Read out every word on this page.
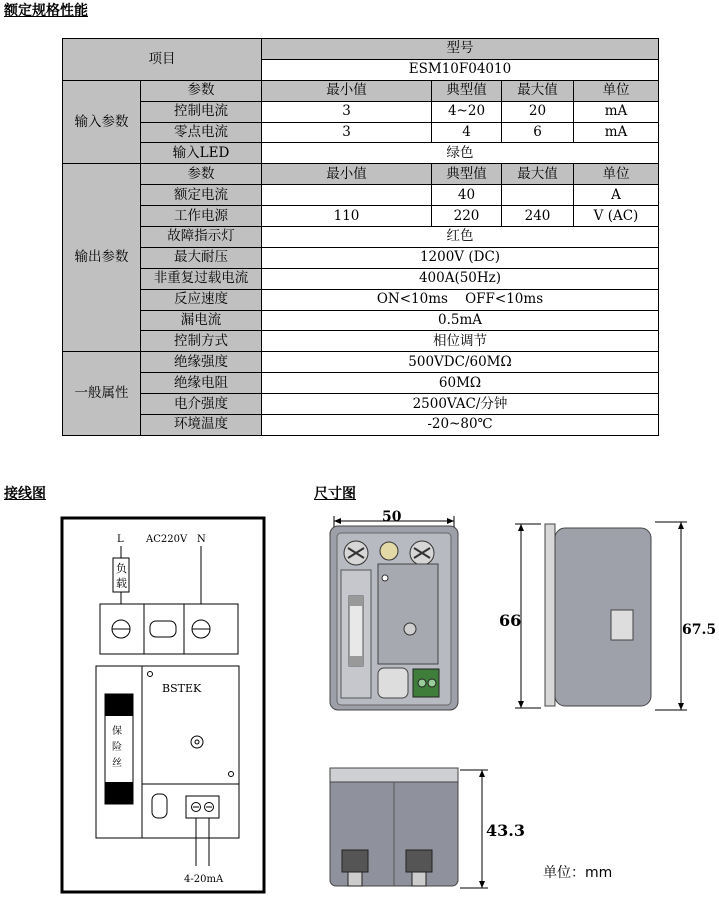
额定规格性能
项目		型号			
		ESM10F04010			
输入参数	参数	最小值	典型值	最大值	单位
	控制电流	3	4~20	20	mA
	零点电流	3	4	6	mA
	输入LED	绿色			
输出参数	参数	最小值	典型值	最大值	单位
	额定电流		40		A
	工作电源	110	220	240	V (AC)
	故障指示灯	红色			
	最大耐压	1200V (DC)			
	非重复过载电流	400A(50Hz)			
	反应速度	ON<10ms    OFF<10ms			
	漏电流	0.5mA			
	控制方式	相位调节			
一般属性	绝缘强度	500VDC/60MΩ			
	绝缘电阻	60MΩ			
	电介强度	2500VAC/分钟			
	环境温度	-20~80℃			
接线图	尺寸图
L AC220V N
负
载
保
险
丝
BSTEK
4-20mA
50
66	67.5
43.3
单位：mm
